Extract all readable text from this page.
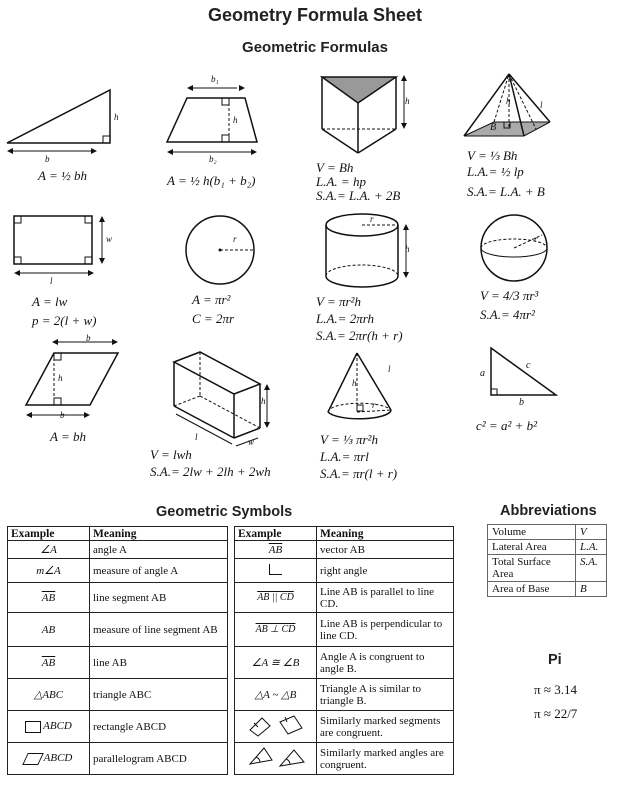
Geometry Formula Sheet
Geometric Formulas
b
h
A = ½ bh
b₁
h
b₂
A = ½ h(b₁ + b₂)
h
V = Bh
L.A. = hp
S.A.= L.A. + 2B
h	l
B
V = ⅓ Bh
L.A.= ½ lp
S.A.= L.A. + B
w
l
A = lw
p = 2(l + w)
r
A = πr²
C = 2πr
r
h
V = πr²h
L.A.= 2πrh
S.A.= 2πr(h + r)
r
V = 4/3 πr³
S.A.= 4πr²
b
h
b
A = bh
h
l	w
V = lwh
S.A.= 2lw + 2lh + 2wh
h
l
r
V = ⅓ πr²h
L.A.= πrl
S.A.= πr(l + r)
a
b
c
c² = a² + b²
Geometric Symbols
Example	Meaning
∠A	angle A
m∠A	measure of angle A
$\overline{AB}$	line segment AB
AB	measure of line segment AB
$\overline{AB}$	line AB
△ABC	triangle ABC
ABCD	rectangle ABCD
ABCD	parallelogram ABCD
Example	Meaning
$\overline{AB}$	vector AB
	right angle
AB || CD	Line AB is parallel to line CD.
AB ⊥ CD	Line AB is perpendicular to line CD.
∠A ≅ ∠B	Angle A is congruent to angle B.
△A ~ △B	Triangle A is similar to triangle B.
	Similarly marked segments are congruent.
	Similarly marked angles are congruent.
Abbreviations
Volume	V
Lateral Area	L.A.
Total Surface Area	S.A.
Area of Base	B
Pi
π ≈ 3.14
π ≈ 22/7
